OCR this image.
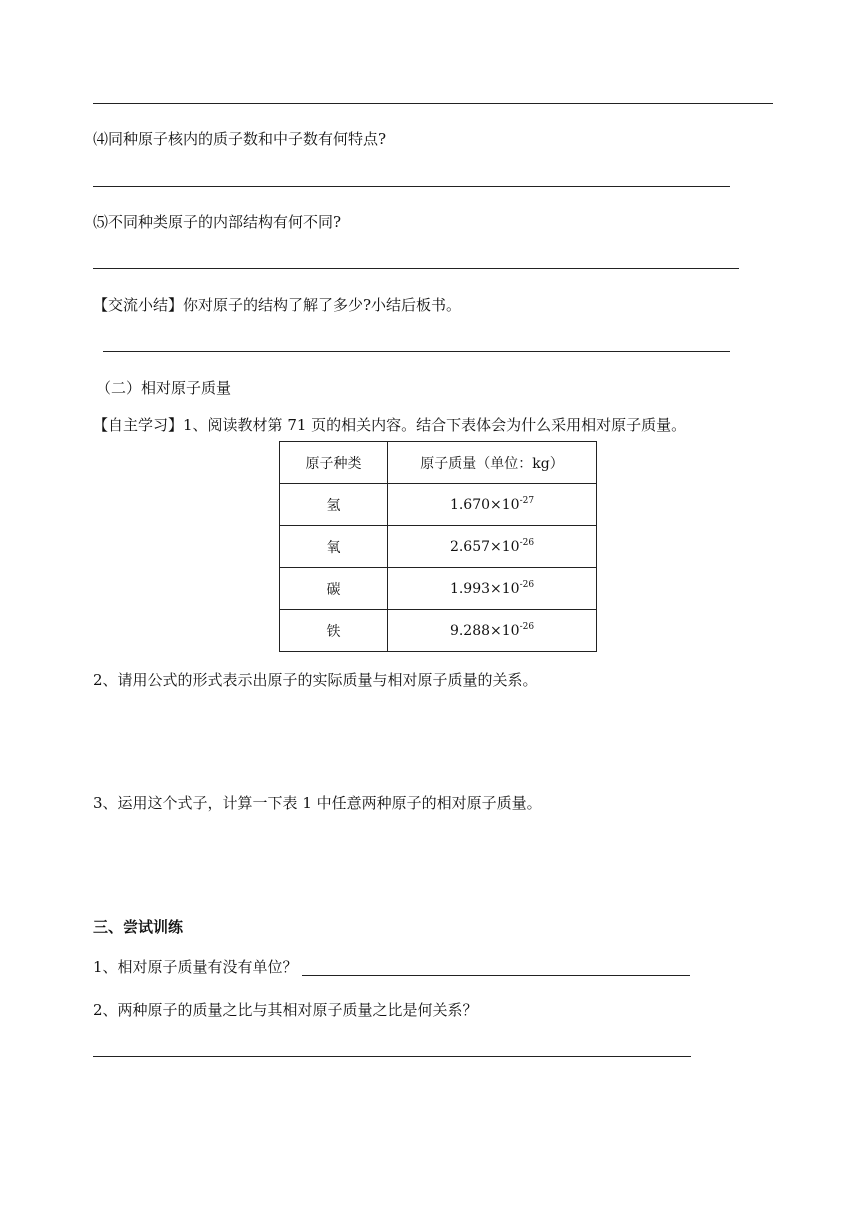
⑷同种原子核内的质子数和中子数有何特点?
⑸不同种类原子的内部结构有何不同?
【交流小结】你对原子的结构了解了多少?小结后板书。
（二）相对原子质量
【自主学习】1、阅读教材第 71 页的相关内容。结合下表体会为什么采用相对原子质量。
原子种类	原子质量（单位：kg）
氢	$1.670\times 10^{-27}$
氧	$2.657\times 10^{-26}$
碳	$1.993\times 10^{-26}$
铁	$9.288\times 10^{-26}$
2、请用公式的形式表示出原子的实际质量与相对原子质量的关系。
3、运用这个式子，计算一下表 1 中任意两种原子的相对原子质量。
三、尝试训练
1、相对原子质量有没有单位？
2、两种原子的质量之比与其相对原子质量之比是何关系？
